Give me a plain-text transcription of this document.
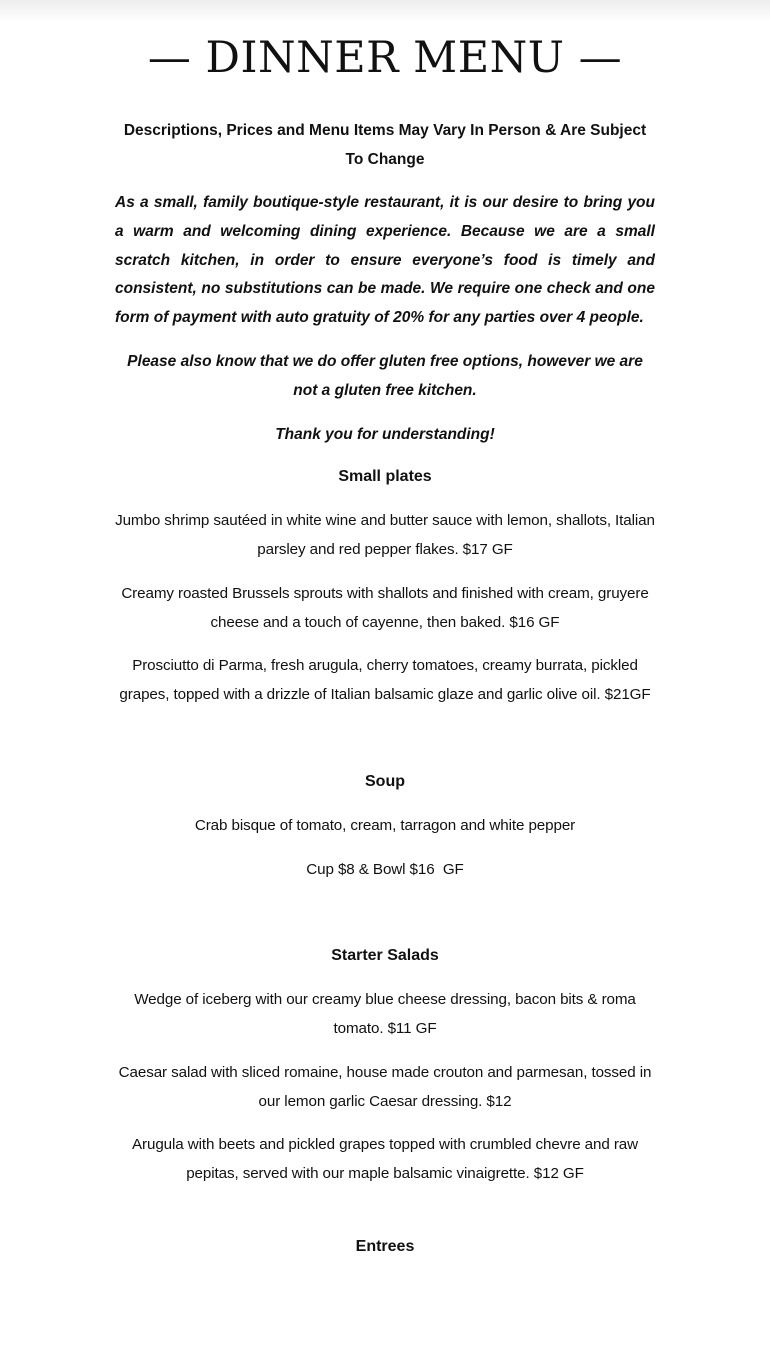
— DINNER MENU —

Descriptions, Prices and Menu Items May Vary In Person & Are Subject To Change

As a small, family boutique-style restaurant, it is our desire to bring you a warm and welcoming dining experience. Because we are a small scratch kitchen, in order to ensure everyone’s food is timely and consistent, no substitutions can be made. We require one check and one form of payment with auto gratuity of 20% for any parties over 4 people.

Please also know that we do offer gluten free options, however we are not a gluten free kitchen.

Thank you for understanding!

Small plates

Jumbo shrimp sautéed in white wine and butter sauce with lemon, shallots, Italian parsley and red pepper flakes. $17 GF

Creamy roasted Brussels sprouts with shallots and finished with cream, gruyere cheese and a touch of cayenne, then baked. $16 GF

Prosciutto di Parma, fresh arugula, cherry tomatoes, creamy burrata, pickled grapes, topped with a drizzle of Italian balsamic glaze and garlic olive oil. $21GF

Soup

Crab bisque of tomato, cream, tarragon and white pepper

Cup $8 & Bowl $16  GF

Starter Salads

Wedge of iceberg with our creamy blue cheese dressing, bacon bits & roma tomato. $11 GF

Caesar salad with sliced romaine, house made crouton and parmesan, tossed in our lemon garlic Caesar dressing. $12

Arugula with beets and pickled grapes topped with crumbled chevre and raw pepitas, served with our maple balsamic vinaigrette. $12 GF

Entrees
